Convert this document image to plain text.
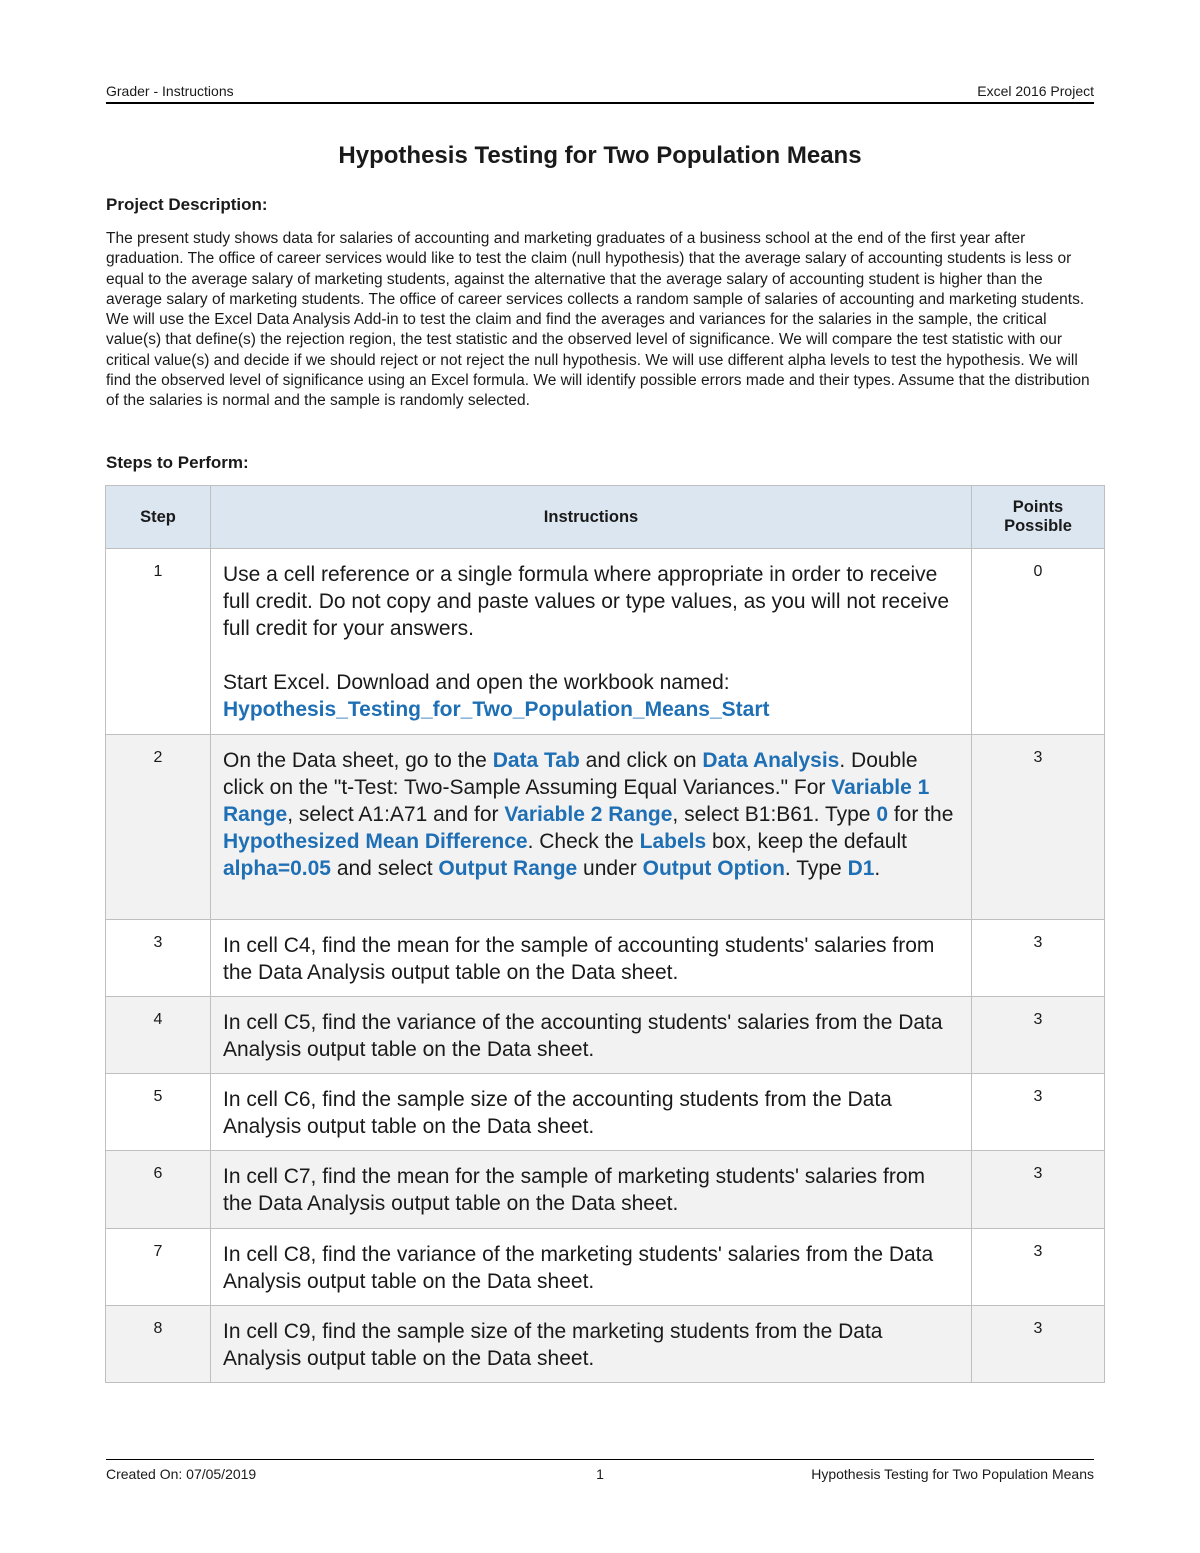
Grader - Instructions	Excel 2016 Project
Hypothesis Testing for Two Population Means
Project Description:
The present study shows data for salaries of accounting and marketing graduates of a business school at the end of the first year after graduation. The office of career services would like to test the claim (null hypothesis) that the average salary of accounting students is less or equal to the average salary of marketing students, against the alternative that the average salary of accounting student is higher than the average salary of marketing students. The office of career services collects a random sample of salaries of accounting and marketing students. We will use the Excel Data Analysis Add-in to test the claim and find the averages and variances for the salaries in the sample, the critical value(s) that define(s) the rejection region, the test statistic and the observed level of significance. We will compare the test statistic with our critical value(s) and decide if we should reject or not reject the null hypothesis. We will use different alpha levels to test the hypothesis. We will find the observed level of significance using an Excel formula. We will identify possible errors made and their types. Assume that the distribution of the salaries is normal and the sample is randomly selected.
Steps to Perform:
Step	Instructions	Points
Possible
1	Use a cell reference or a single formula where appropriate in order to receive full credit. Do not copy and paste values or type values, as you will not receive full credit for your answers.
Start Excel. Download and open the workbook named:
Hypothesis_Testing_for_Two_Population_Means_Start	0
2	On the Data sheet, go to the Data Tab and click on Data Analysis. Double click on the "t-Test: Two-Sample Assuming Equal Variances." For Variable 1 Range, select A1:A71 and for Variable 2 Range, select B1:B61. Type 0 for the Hypothesized Mean Difference. Check the Labels box, keep the default alpha=0.05 and select Output Range under Output Option. Type D1.	3
3	In cell C4, find the mean for the sample of accounting students' salaries from the Data Analysis output table on the Data sheet.	3
4	In cell C5, find the variance of the accounting students' salaries from the Data Analysis output table on the Data sheet.	3
5	In cell C6, find the sample size of the accounting students from the Data Analysis output table on the Data sheet.	3
6	In cell C7, find the mean for the sample of marketing students' salaries from the Data Analysis output table on the Data sheet.	3
7	In cell C8, find the variance of the marketing students' salaries from the Data Analysis output table on the Data sheet.	3
8	In cell C9, find the sample size of the marketing students from the Data Analysis output table on the Data sheet.	3
Created On: 07/05/2019	1	Hypothesis Testing for Two Population Means
